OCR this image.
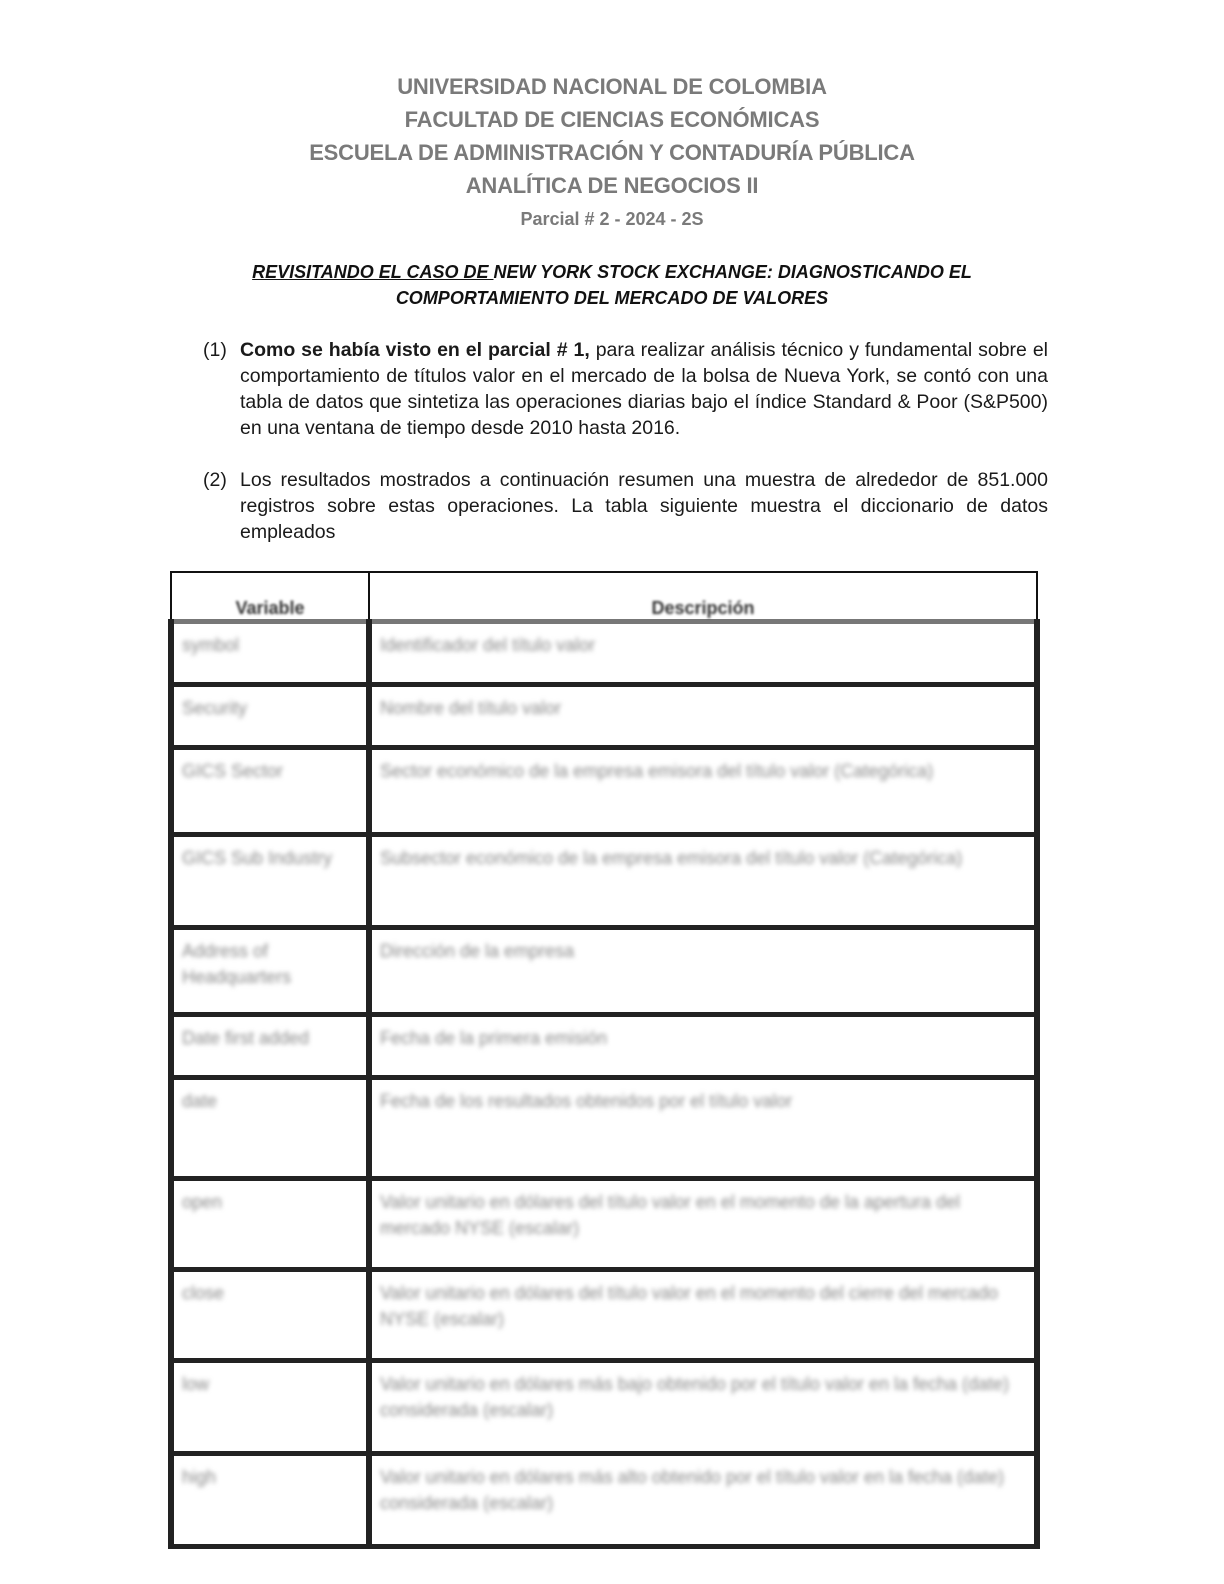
UNIVERSIDAD NACIONAL DE COLOMBIA
FACULTAD DE CIENCIAS ECONÓMICAS
ESCUELA DE ADMINISTRACIÓN Y CONTADURÍA PÚBLICA
ANALÍTICA DE NEGOCIOS II
Parcial # 2 - 2024 - 2S
REVISITANDO EL CASO DE NEW YORK STOCK EXCHANGE: DIAGNOSTICANDO EL
COMPORTAMIENTO DEL MERCADO DE VALORES
(1) Como se había visto en el parcial # 1, para realizar análisis técnico y fundamental sobre el comportamiento de títulos valor en el mercado de la bolsa de Nueva York, se contó con una tabla de datos que sintetiza las operaciones diarias bajo el índice Standard & Poor (S&P500) en una ventana de tiempo desde 2010 hasta 2016.
(2) Los resultados mostrados a continuación resumen una muestra de alrededor de 851.000 registros sobre estas operaciones. La tabla siguiente muestra el diccionario de datos empleados
Variable	Descripción
symbol	Identificador del título valor
Security	Nombre del título valor
GICS Sector	Sector económico de la empresa emisora del título valor (Categórica)
GICS Sub Industry	Subsector económico de la empresa emisora del título valor (Categórica)
Address of Headquarters	Dirección de la empresa
Date first added	Fecha de la primera emisión
date	Fecha de los resultados obtenidos por el título valor
open	Valor unitario en dólares del título valor en el momento de la apertura del mercado NYSE (escalar)
close	Valor unitario en dólares del título valor en el momento del cierre del mercado NYSE (escalar)
low	Valor unitario en dólares más bajo obtenido por el título valor en la fecha (date) considerada (escalar)
high	Valor unitario en dólares más alto obtenido por el título valor en la fecha (date) considerada (escalar)
